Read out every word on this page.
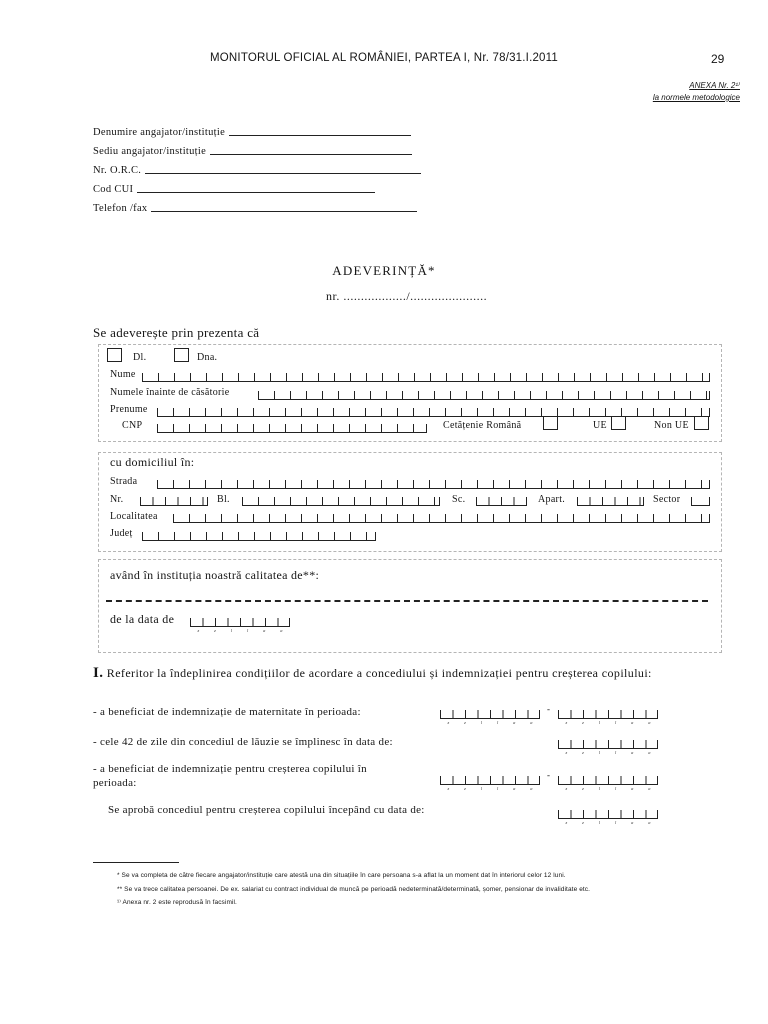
MONITORUL OFICIAL AL ROMÂNIEI, PARTEA I, Nr. 78/31.I.2011	29
ANEXA Nr. 2¹⁾
la normele metodologice
Denumire angajator/instituție
Sediu angajator/instituție
Nr. O.R.C.
Cod CUI
Telefon /fax
ADEVERINȚĂ*
nr. ................../......................
Se adeverește prin prezenta că
Dl.	Dna.
Nume
Numele înainte de căsătorie
Prenume
CNP	Cetățenie Română	UE	Non UE
cu domiciliul în:
Strada
Nr.	Bl.	Sc.	Apart.	Sector
Localitatea
Județ
având în instituția noastră calitatea de**:
de la data de
z	z	l	l	a	a
I. Referitor la îndeplinirea condițiilor de acordare a concediului și indemnizației pentru creșterea copilului:
- a beneficiat de indemnizație de maternitate în perioada:
z	z	l	l	a	a
-
z	z	l	l	a	a
- cele 42 de zile din concediul de lăuzie se împlinesc în data de:
z	z	l	l	a	a
- a beneficiat de indemnizație pentru creșterea copilului în
perioada:	z	z	l	l	a	a
-
z	z	l	l	a	a
Se aprobă concediul pentru creșterea copilului începând cu data de:
z	z	l	l	a	a
* Se va completa de către fiecare angajator/instituție care atestă una din situațiile în care persoana s-a aflat la un moment dat în interiorul celor 12 luni.
** Se va trece calitatea persoanei. De ex. salariat cu contract individual de muncă pe perioadă nedeterminată/determinată, șomer, pensionar de invaliditate etc.
¹⁾ Anexa nr. 2 este reprodusă în facsimil.
